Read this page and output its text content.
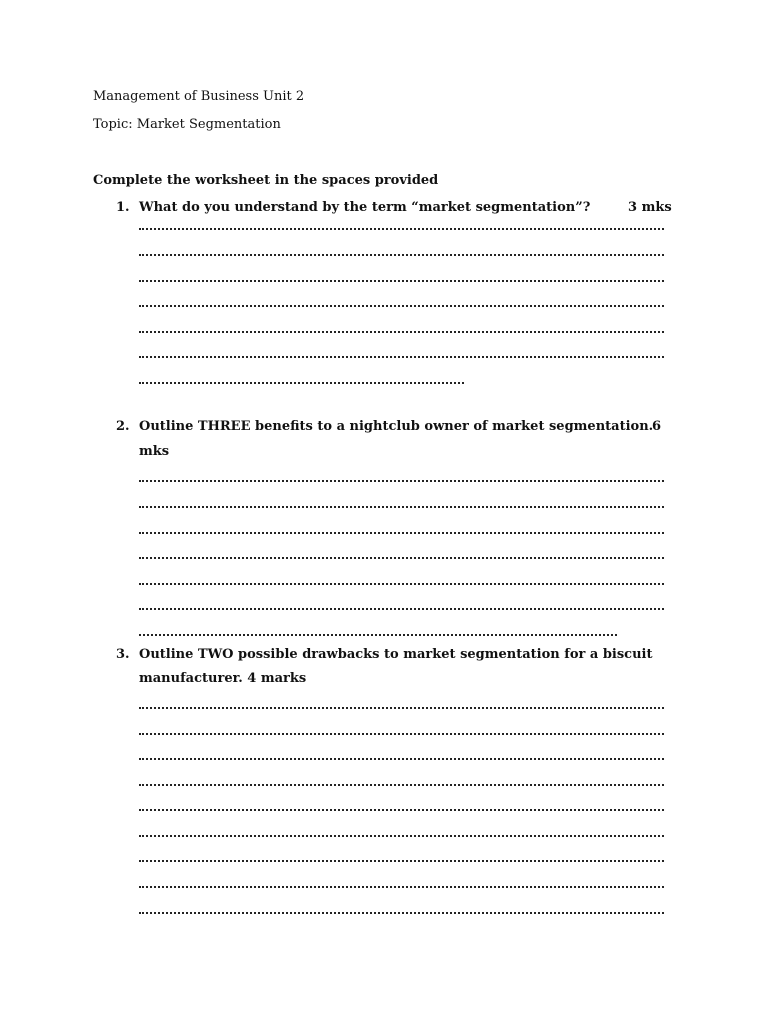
Management of Business Unit 2
Topic: Market Segmentation
Complete the worksheet in the spaces provided
1. What do you understand by the term “market segmentation”?	3 mks
2. Outline THREE benefits to a nightclub owner of market segmentation.
6
mks
3. Outline TWO possible drawbacks to market segmentation for a biscuit
manufacturer. 4 marks
